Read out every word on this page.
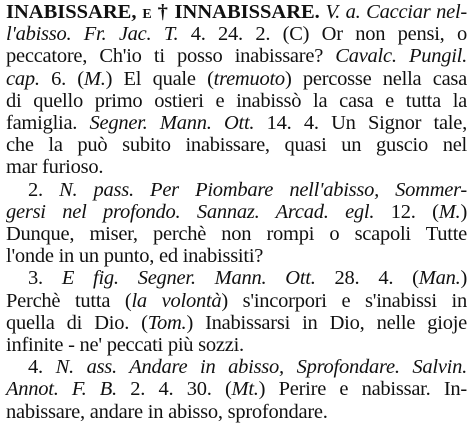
INABISSARE, e † INNABISSARE. V. a. Cacciar nel-
l'abisso. Fr. Jac. T. 4. 24. 2. (C) Or non pensi, o
peccatore, Ch'io ti posso inabissare? Cavalc. Pungil.
cap. 6. (M.) El quale (tremuoto) percosse nella casa
di quello primo ostieri e inabissò la casa e tutta la
famiglia. Segner. Mann. Ott. 14. 4. Un Signor tale,
che la può subito inabissare, quasi un guscio nel
mar furioso.
2. N. pass. Per Piombare nell'abisso, Sommer-
gersi nel profondo. Sannaz. Arcad. egl. 12. (M.)
Dunque, miser, perchè non rompi o scapoli Tutte
l'onde in un punto, ed inabissiti?
3. E fig. Segner. Mann. Ott. 28. 4. (Man.)
Perchè tutta (la volontà) s'incorpori e s'inabissi in
quella di Dio. (Tom.) Inabissarsi in Dio, nelle gioje
infinite - ne' peccati più sozzi.
4. N. ass. Andare in abisso, Sprofondare. Salvin.
Annot. F. B. 2. 4. 30. (Mt.) Perire e nabissar. In-
nabissare, andare in abisso, sprofondare.
